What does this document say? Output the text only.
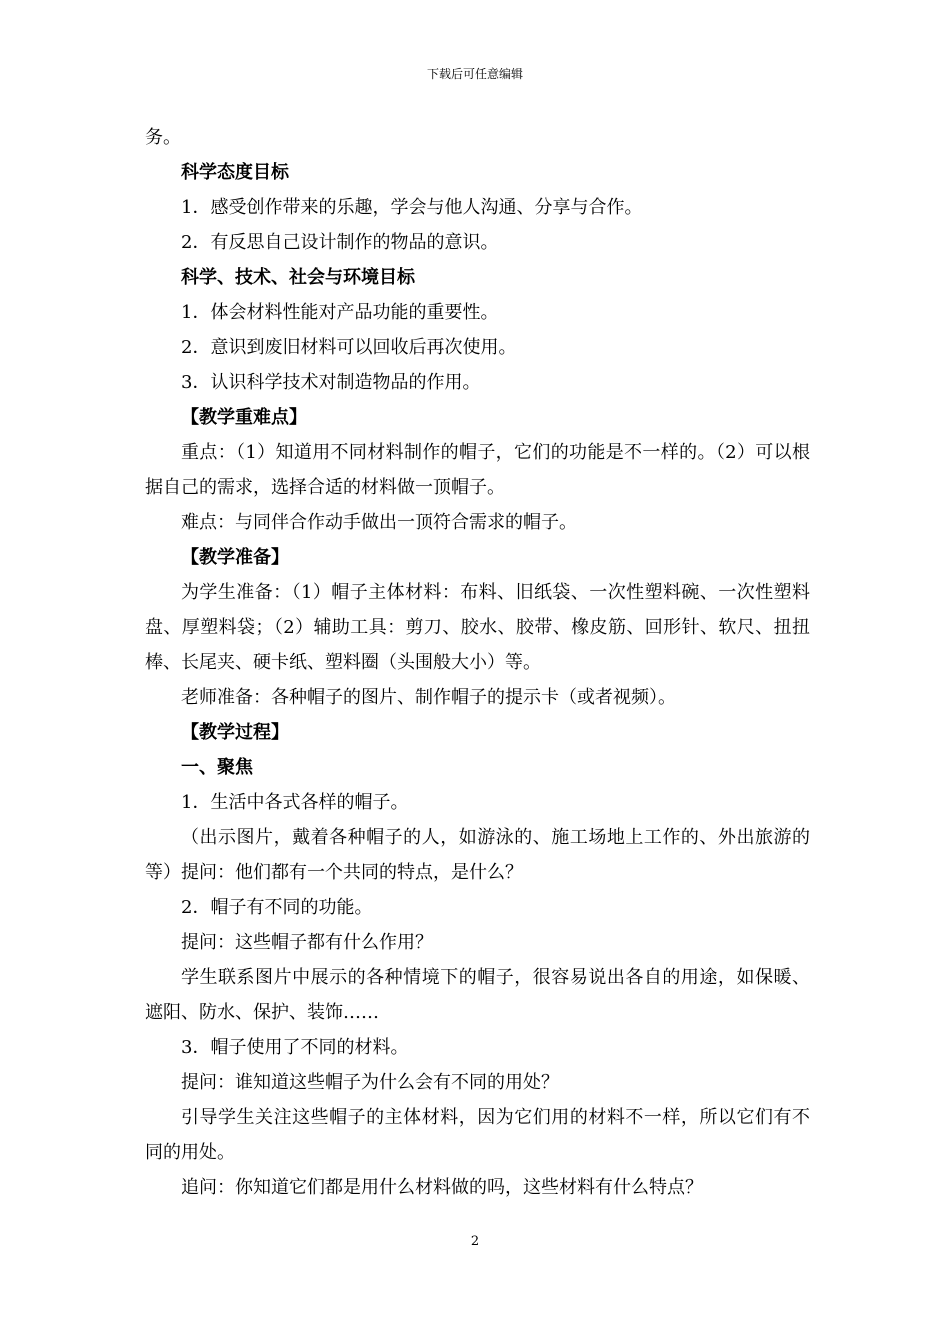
下载后可任意编辑
务。
科学态度目标
1．感受创作带来的乐趣，学会与他人沟通、分享与合作。
2．有反思自己设计制作的物品的意识。
科学、技术、社会与环境目标
1．体会材料性能对产品功能的重要性。
2．意识到废旧材料可以回收后再次使用。
3．认识科学技术对制造物品的作用。
【教学重难点】
重点：（1）知道用不同材料制作的帽子，它们的功能是不一样的。（2）可以根据自己的需求，选择合适的材料做一顶帽子。
难点：与同伴合作动手做出一顶符合需求的帽子。
【教学准备】
为学生准备：（1）帽子主体材料：布料、旧纸袋、一次性塑料碗、一次性塑料盘、厚塑料袋；（2）辅助工具：剪刀、胶水、胶带、橡皮筋、回形针、软尺、扭扭棒、长尾夹、硬卡纸、塑料圈（头围般大小）等。
老师准备：各种帽子的图片、制作帽子的提示卡（或者视频）。
【教学过程】
一、聚焦
1．生活中各式各样的帽子。
（出示图片，戴着各种帽子的人，如游泳的、施工场地上工作的、外出旅游的等）提问：他们都有一个共同的特点，是什么？
2．帽子有不同的功能。
提问：这些帽子都有什么作用？
学生联系图片中展示的各种情境下的帽子，很容易说出各自的用途，如保暖、遮阳、防水、保护、装饰……
3．帽子使用了不同的材料。
提问：谁知道这些帽子为什么会有不同的用处？
引导学生关注这些帽子的主体材料，因为它们用的材料不一样，所以它们有不同的用处。
追问：你知道它们都是用什么材料做的吗，这些材料有什么特点？
2
